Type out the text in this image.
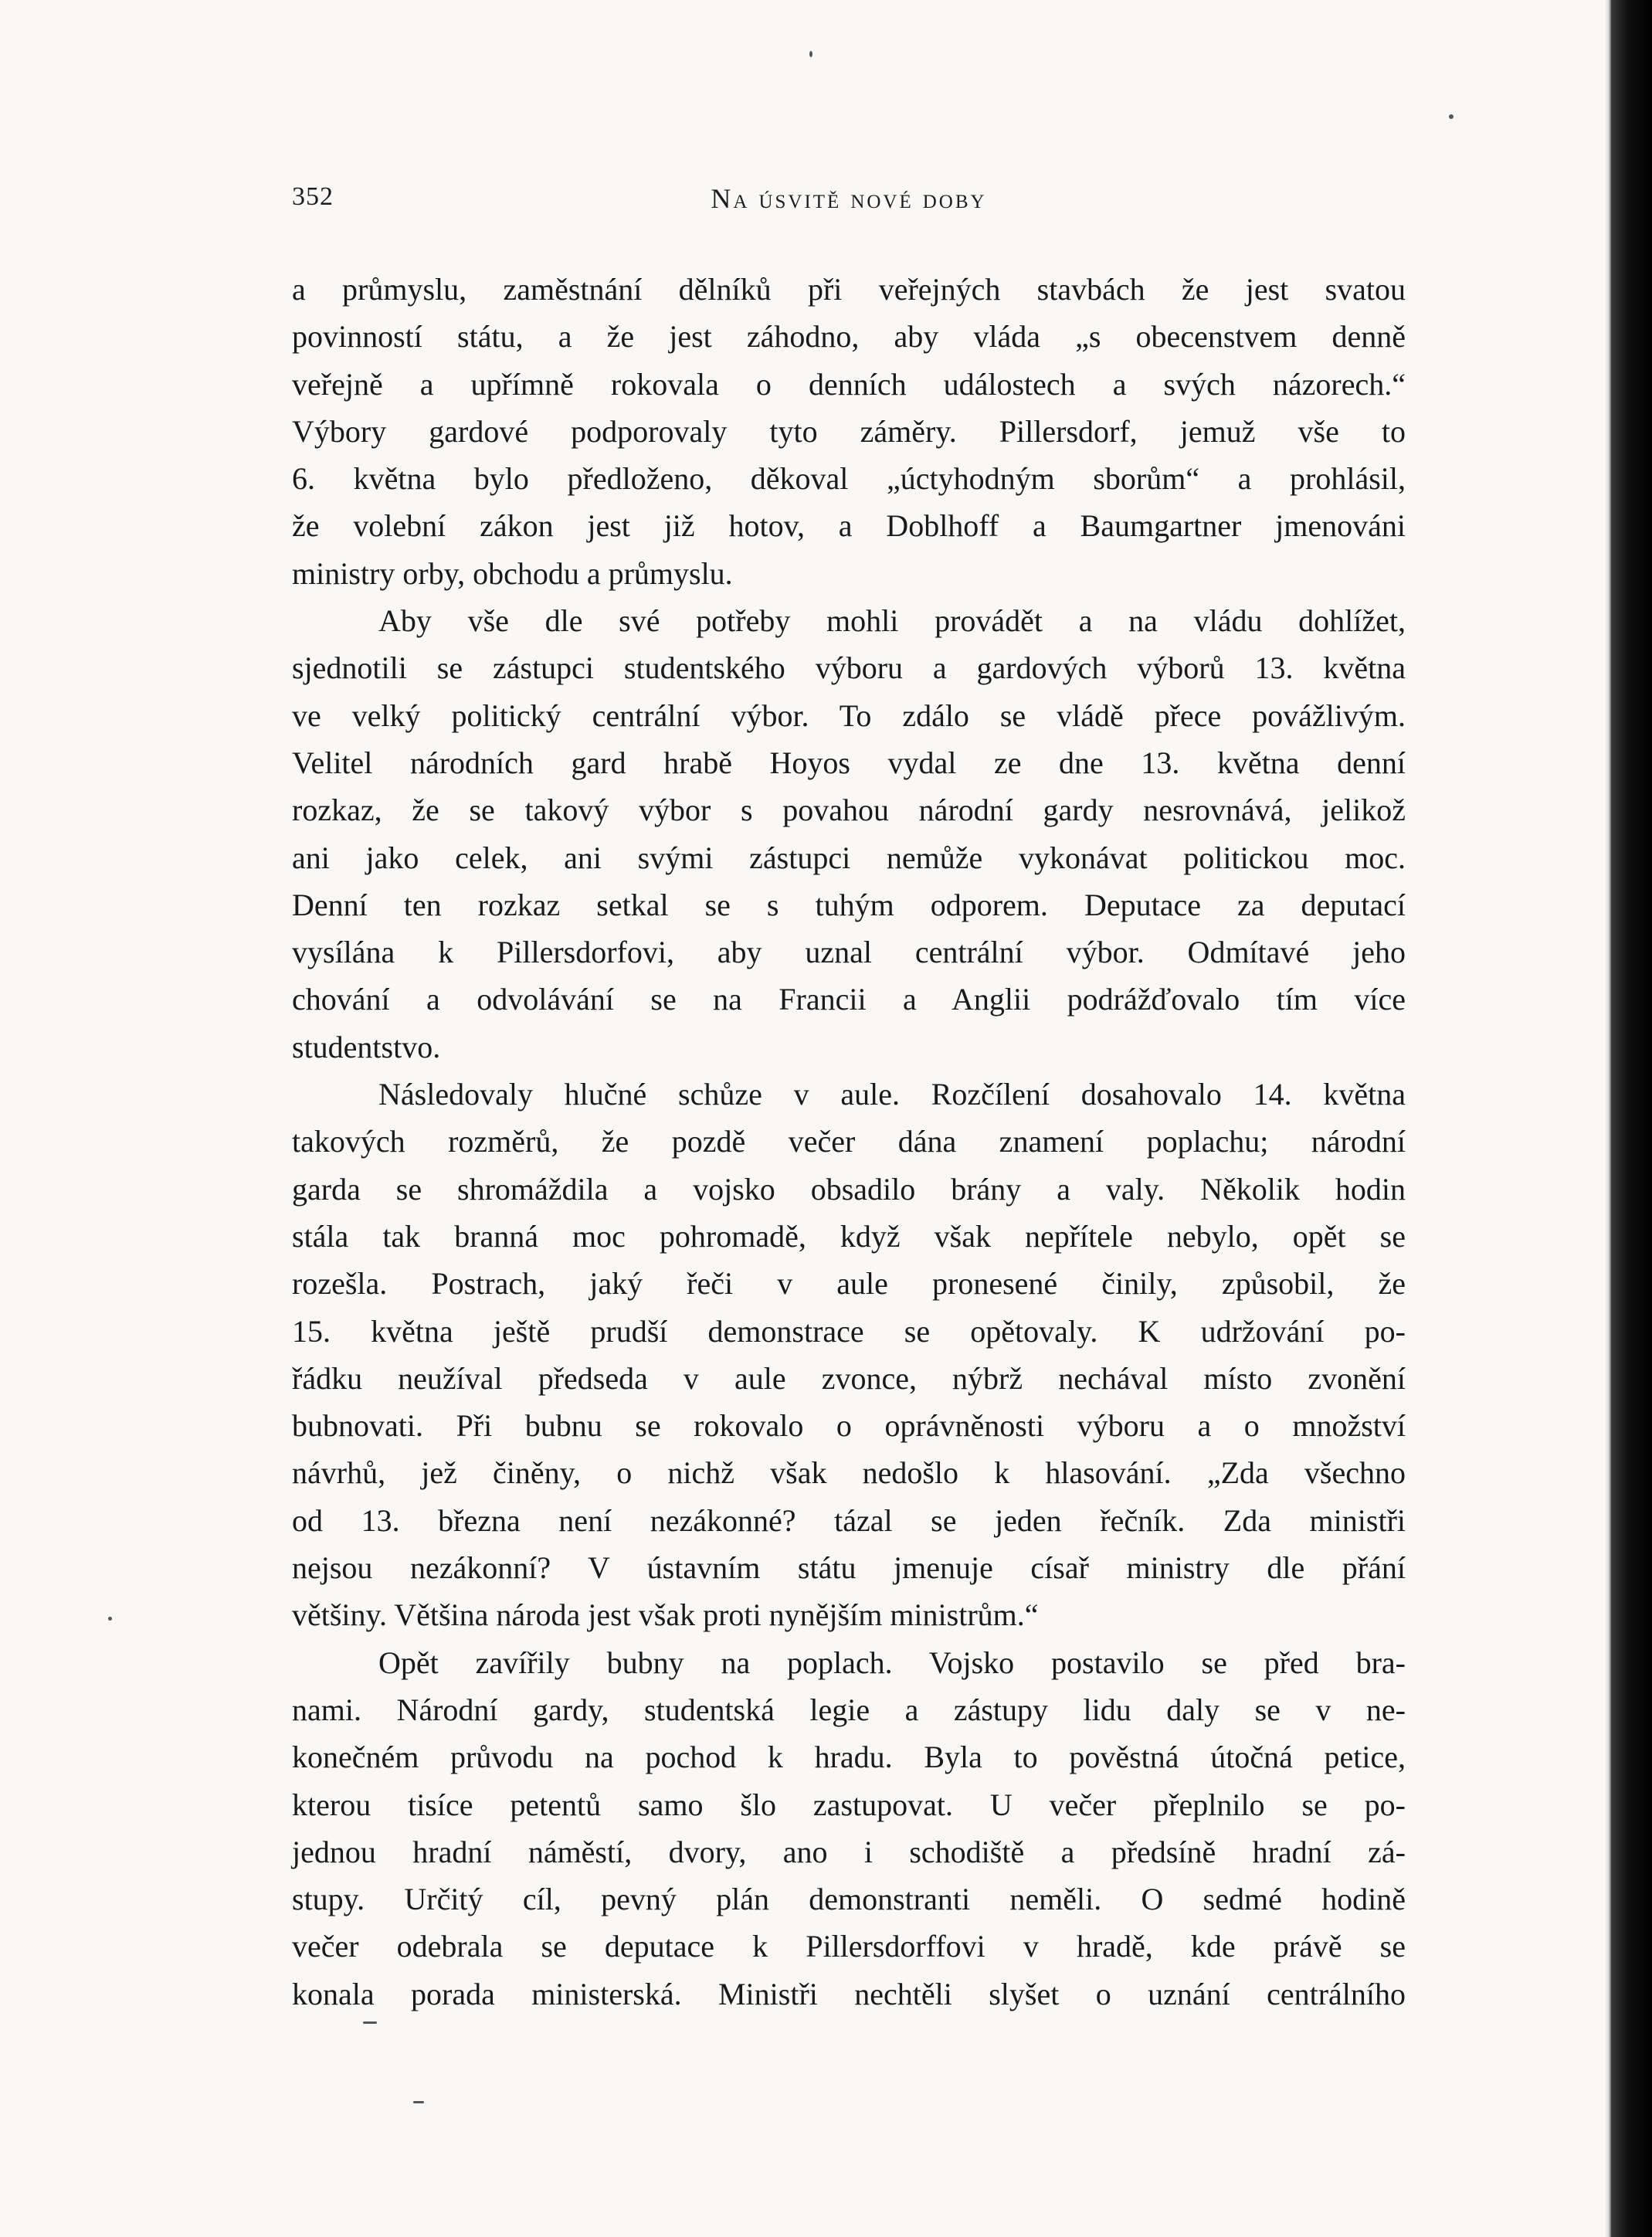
352	Na úsvitě nové doby
a průmyslu, zaměstnání dělníků při veřejných stavbách že jest svatou
povinností státu, a že jest záhodno, aby vláda „s obecenstvem denně
veřejně a upřímně rokovala o denních událostech a svých názorech.“
Výbory gardové podporovaly tyto záměry. Pillersdorf, jemuž vše to
6. května bylo předloženo, děkoval „úctyhodným sborům“ a prohlásil,
že volební zákon jest již hotov, a Doblhoff a Baumgartner jmenováni
ministry orby, obchodu a průmyslu.
Aby vše dle své potřeby mohli provádět a na vládu dohlížet,
sjednotili se zástupci studentského výboru a gardových výborů 13. května
ve velký politický centrální výbor. To zdálo se vládě přece povážlivým.
Velitel národních gard hrabě Hoyos vydal ze dne 13. května denní
rozkaz, že se takový výbor s povahou národní gardy nesrovnává, jelikož
ani jako celek, ani svými zástupci nemůže vykonávat politickou moc.
Denní ten rozkaz setkal se s tuhým odporem. Deputace za deputací
vysílána k Pillersdorfovi, aby uznal centrální výbor. Odmítavé jeho
chování a odvolávání se na Francii a Anglii podrážďovalo tím více
studentstvo.
Následovaly hlučné schůze v aule. Rozčílení dosahovalo 14. května
takových rozměrů, že pozdě večer dána znamení poplachu; národní
garda se shromáždila a vojsko obsadilo brány a valy. Několik hodin
stála tak branná moc pohromadě, když však nepřítele nebylo, opět se
rozešla. Postrach, jaký řeči v aule pronesené činily, způsobil, že
15. května ještě prudší demonstrace se opětovaly. K udržování po-
řádku neužíval předseda v aule zvonce, nýbrž nechával místo zvonění
bubnovati. Při bubnu se rokovalo o oprávněnosti výboru a o množství
návrhů, jež činěny, o nichž však nedošlo k hlasování. „Zda všechno
od 13. března není nezákonné? tázal se jeden řečník. Zda ministři
nejsou nezákonní? V ústavním státu jmenuje císař ministry dle přání
většiny. Většina národa jest však proti nynějším ministrům.“
Opět zavířily bubny na poplach. Vojsko postavilo se před bra-
nami. Národní gardy, studentská legie a zástupy lidu daly se v ne-
konečném průvodu na pochod k hradu. Byla to pověstná útočná petice,
kterou tisíce petentů samo šlo zastupovat. U večer přeplnilo se po-
jednou hradní náměstí, dvory, ano i schodiště a předsíně hradní zá-
stupy. Určitý cíl, pevný plán demonstranti neměli. O sedmé hodině
večer odebrala se deputace k Pillersdorffovi v hradě, kde právě se
konala porada ministerská. Ministři nechtěli slyšet o uznání centrálního
